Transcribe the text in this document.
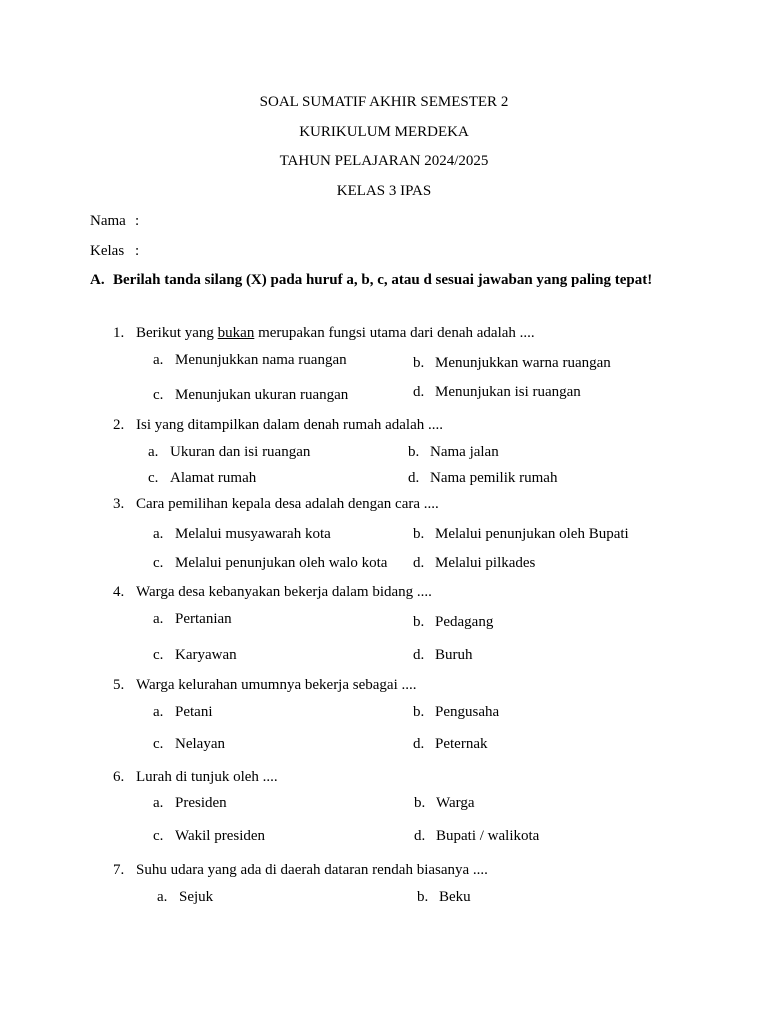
SOAL SUMATIF AKHIR SEMESTER 2
KURIKULUM MERDEKA
TAHUN PELAJARAN 2024/2025
KELAS 3 IPAS
Nama :
Kelas :
A. Berilah tanda silang (X) pada huruf a, b, c, atau d sesuai jawaban yang paling tepat!
1. Berikut yang bukan merupakan fungsi utama dari denah adalah ....
a. Menunjukkan nama ruangan	b. Menunjukkan warna ruangan
c. Menunjukan ukuran ruangan	d. Menunjukan isi ruangan
2. Isi yang ditampilkan dalam denah rumah adalah ....
a. Ukuran dan isi ruangan	b. Nama jalan
c. Alamat rumah	d. Nama pemilik rumah
3. Cara pemilihan kepala desa adalah dengan cara ....
a. Melalui musyawarah kota	b. Melalui penunjukan oleh Bupati
c. Melalui penunjukan oleh walo kota d. Melalui pilkades
4. Warga desa kebanyakan bekerja dalam bidang ....
a. Pertanian	b. Pedagang
c. Karyawan	d. Buruh
5. Warga kelurahan umumnya bekerja sebagai ....
a. Petani	b. Pengusaha
c. Nelayan	d. Peternak
6. Lurah di tunjuk oleh ....
a. Presiden	b. Warga
c. Wakil presiden	d. Bupati / walikota
7. Suhu udara yang ada di daerah dataran rendah biasanya ....
a. Sejuk	b. Beku
